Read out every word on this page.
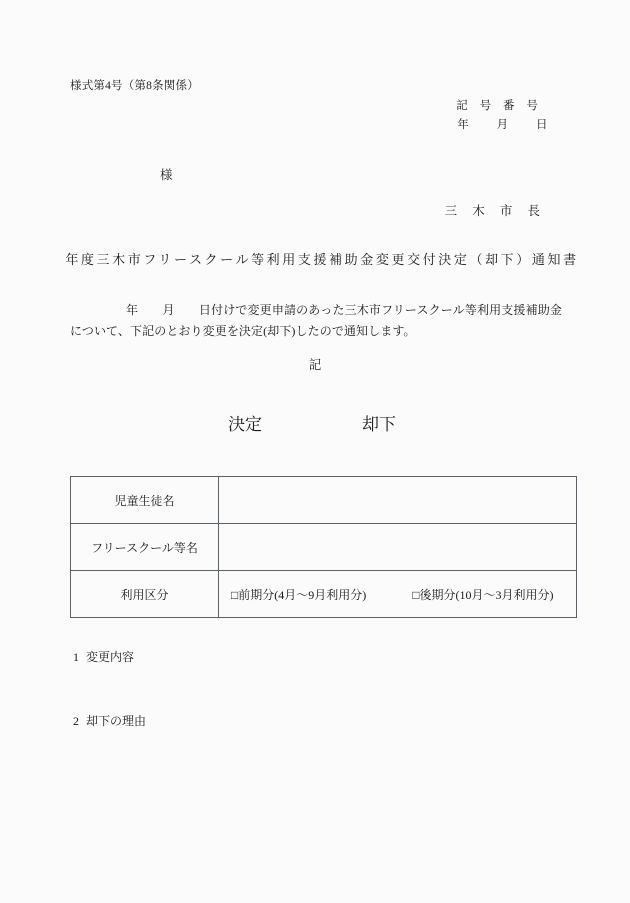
様式第4号（第8条関係）
記 号 番 号
年　 月　 日
様
三 木 市 長
年度三木市フリースクール等利用支援補助金変更交付決定（却下）通知書
年　　月　　日付けで変更申請のあった三木市フリースクール等利用支援補助金について、下記のとおり変更を決定(却下)したので通知します。
記
決定	却下
児童生徒名	
フリースクール等名	
利用区分	□前期分(4月〜9月利用分) □後期分(10月〜3月利用分)
1 変更内容
2 却下の理由
